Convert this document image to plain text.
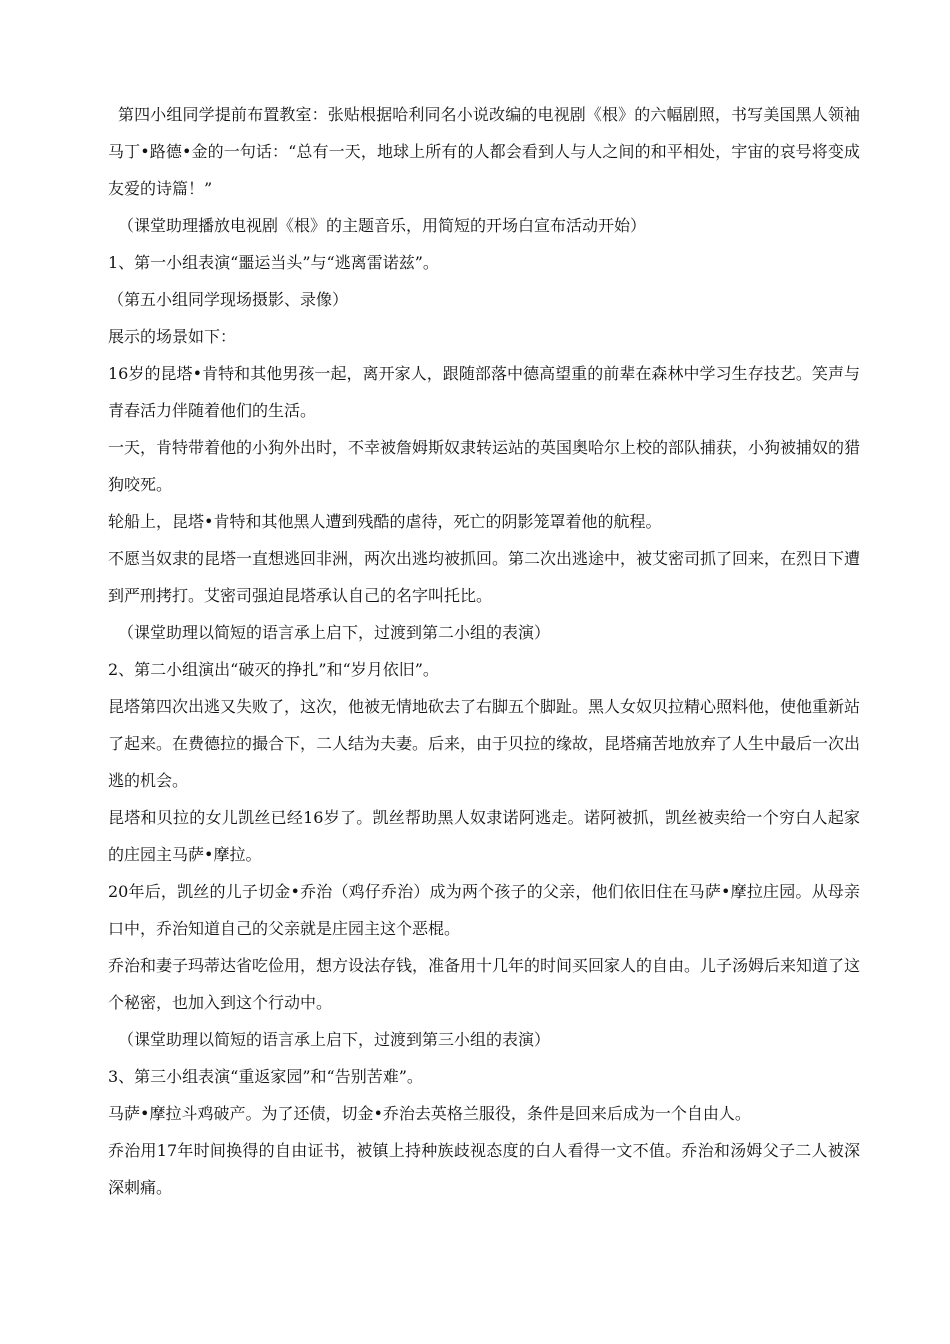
第四小组同学提前布置教室：张贴根据哈利同名小说改编的电视剧《根》的六幅剧照，书写美国黑人领袖马丁•路德•金的一句话：“总有一天，地球上所有的人都会看到人与人之间的和平相处，宇宙的哀号将变成友爱的诗篇！”

（课堂助理播放电视剧《根》的主题音乐，用简短的开场白宣布活动开始）

1、第一小组表演“噩运当头”与“逃离雷诺兹”。

（第五小组同学现场摄影、录像）

展示的场景如下：

16岁的昆塔•肯特和其他男孩一起，离开家人，跟随部落中德高望重的前辈在森林中学习生存技艺。笑声与青春活力伴随着他们的生活。

一天，肯特带着他的小狗外出时，不幸被詹姆斯奴隶转运站的英国奥哈尔上校的部队捕获，小狗被捕奴的猎狗咬死。

轮船上，昆塔•肯特和其他黑人遭到残酷的虐待，死亡的阴影笼罩着他的航程。

不愿当奴隶的昆塔一直想逃回非洲，两次出逃均被抓回。第二次出逃途中，被艾密司抓了回来，在烈日下遭到严刑拷打。艾密司强迫昆塔承认自己的名字叫托比。

（课堂助理以简短的语言承上启下，过渡到第二小组的表演）

2、第二小组演出“破灭的挣扎”和“岁月依旧”。

昆塔第四次出逃又失败了，这次，他被无情地砍去了右脚五个脚趾。黑人女奴贝拉精心照料他，使他重新站了起来。在费德拉的撮合下，二人结为夫妻。后来，由于贝拉的缘故，昆塔痛苦地放弃了人生中最后一次出逃的机会。

昆塔和贝拉的女儿凯丝已经16岁了。凯丝帮助黑人奴隶诺阿逃走。诺阿被抓，凯丝被卖给一个穷白人起家的庄园主马萨•摩拉。

20年后，凯丝的儿子切金•乔治（鸡仔乔治）成为两个孩子的父亲，他们依旧住在马萨•摩拉庄园。从母亲口中，乔治知道自己的父亲就是庄园主这个恶棍。

乔治和妻子玛蒂达省吃俭用，想方设法存钱，准备用十几年的时间买回家人的自由。儿子汤姆后来知道了这个秘密，也加入到这个行动中。

（课堂助理以简短的语言承上启下，过渡到第三小组的表演）

3、第三小组表演“重返家园”和“告别苦难”。

马萨•摩拉斗鸡破产。为了还债，切金•乔治去英格兰服役，条件是回来后成为一个自由人。

乔治用17年时间换得的自由证书，被镇上持种族歧视态度的白人看得一文不值。乔治和汤姆父子二人被深深刺痛。
